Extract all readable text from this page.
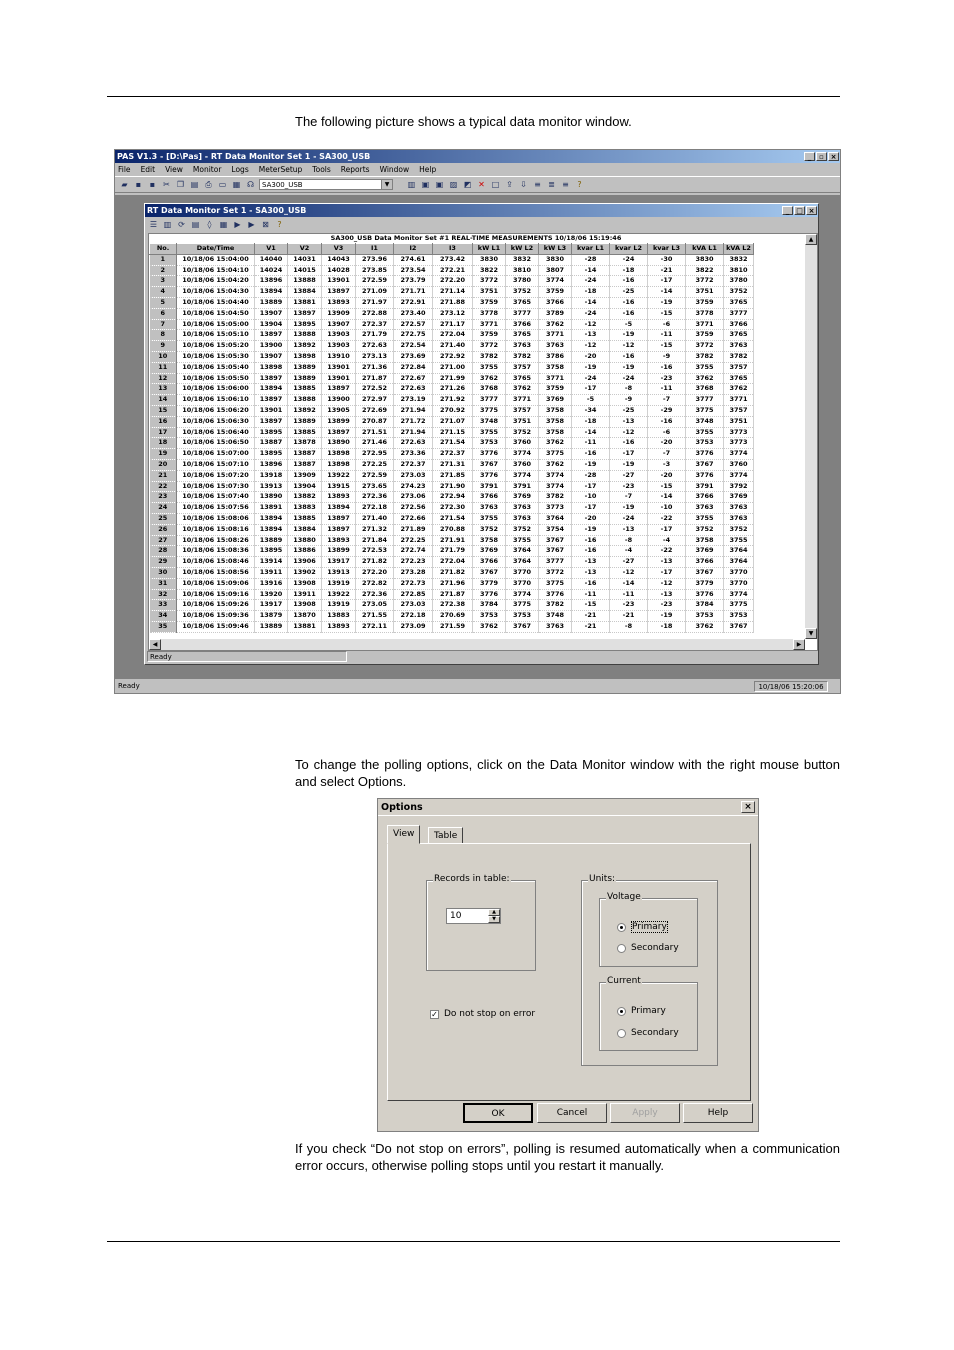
The following picture shows a typical data monitor window.

PAS V1.3 - [D:\Pas] - RT Data Monitor Set 1 - SA300_USB	_	▫ ×
File Edit View Monitor Logs MeterSetup Tools Reports Window Help
▰	▪	▪ ✂ ❐ ▤ ⎙ ▭ ▦ ☊	SA300_USB	▼	▥ ▣ ▣ ▨ ◩ ✕ □ ⇪ ⇩ ≡ ≣ ≡	?
RT Data Monitor Set 1 - SA300_USB	_ □ ×
☰ ▥ ⟳ ▤	◊	▦ ▶ ▶ ⊠	?
SA300_USB Data Monitor Set #1 REAL-TIME MEASUREMENTS 10/18/06 15:19:46
No.	Date/Time	V1	V2	V3	I1	I2	I3	kW L1	kW L2	kW L3	kvar L1	kvar L2	kvar L3	kVA L1	kVA L2
1	10/18/06 15:04:00	14040	14031	14043	273.96	274.61	273.42	3830	3832	3830	-28	-24	-30	3830	3832
2	10/18/06 15:04:10	14024	14015	14028	273.85	273.54	272.21	3822	3810	3807	-14	-18	-21	3822	3810
3	10/18/06 15:04:20	13896	13888	13901	272.59	273.79	272.20	3772	3780	3774	-24	-16	-17	3772	3780
4	10/18/06 15:04:30	13894	13884	13897	271.09	271.71	271.14	3751	3752	3759	-18	-25	-14	3751	3752
5	10/18/06 15:04:40	13889	13881	13893	271.97	272.91	271.88	3759	3765	3766	-14	-16	-19	3759	3765
6	10/18/06 15:04:50	13907	13897	13909	272.88	273.40	273.12	3778	3777	3789	-24	-16	-15	3778	3777
7	10/18/06 15:05:00	13904	13895	13907	272.37	272.57	271.17	3771	3766	3762	-12	-5	-6	3771	3766
8	10/18/06 15:05:10	13897	13888	13903	271.79	272.75	272.04	3759	3765	3771	-13	-19	-11	3759	3765
9	10/18/06 15:05:20	13900	13892	13903	272.63	272.54	271.40	3772	3763	3763	-12	-12	-15	3772	3763
10	10/18/06 15:05:30	13907	13898	13910	273.13	273.69	272.92	3782	3782	3786	-20	-16	-9	3782	3782
11	10/18/06 15:05:40	13898	13889	13901	271.36	272.84	271.00	3755	3757	3758	-19	-19	-16	3755	3757
12	10/18/06 15:05:50	13897	13889	13901	271.87	272.67	271.99	3762	3765	3771	-24	-24	-23	3762	3765
13	10/18/06 15:06:00	13894	13885	13897	272.52	272.63	271.26	3768	3762	3759	-17	-8	-11	3768	3762
14	10/18/06 15:06:10	13897	13888	13900	272.97	273.19	271.92	3777	3771	3769	-5	-9	-7	3777	3771
15	10/18/06 15:06:20	13901	13892	13905	272.69	271.94	270.92	3775	3757	3758	-34	-25	-29	3775	3757
16	10/18/06 15:06:30	13897	13889	13899	270.87	271.72	271.07	3748	3751	3758	-18	-13	-16	3748	3751
17	10/18/06 15:06:40	13895	13885	13897	271.51	271.94	271.15	3755	3752	3758	-14	-12	-6	3755	3773
18	10/18/06 15:06:50	13887	13878	13890	271.46	272.63	271.54	3753	3760	3762	-11	-16	-20	3753	3773
19	10/18/06 15:07:00	13895	13887	13898	272.95	273.36	272.37	3776	3774	3775	-16	-17	-7	3776	3774
20	10/18/06 15:07:10	13896	13887	13898	272.25	272.37	271.31	3767	3760	3762	-19	-19	-3	3767	3760
21	10/18/06 15:07:20	13918	13909	13922	272.59	273.03	271.85	3776	3774	3774	-28	-27	-20	3776	3774
22	10/18/06 15:07:30	13913	13904	13915	273.65	274.23	271.90	3791	3791	3774	-17	-23	-15	3791	3792
23	10/18/06 15:07:40	13890	13882	13893	272.36	273.06	272.94	3766	3769	3782	-10	-7	-14	3766	3769
24	10/18/06 15:07:56	13891	13883	13894	272.18	272.56	272.30	3763	3763	3773	-17	-19	-10	3763	3763
25	10/18/06 15:08:06	13894	13885	13897	271.40	272.66	271.54	3755	3763	3764	-20	-24	-22	3755	3763
26	10/18/06 15:08:16	13894	13884	13897	271.32	271.89	270.88	3752	3752	3754	-19	-13	-17	3752	3752
27	10/18/06 15:08:26	13889	13880	13893	271.84	272.25	271.91	3758	3755	3767	-16	-8	-4	3758	3755
28	10/18/06 15:08:36	13895	13886	13899	272.53	272.74	271.79	3769	3764	3767	-16	-4	-22	3769	3764
29	10/18/06 15:08:46	13914	13906	13917	271.82	272.23	272.04	3766	3764	3777	-13	-27	-13	3766	3764
30	10/18/06 15:08:56	13911	13902	13913	272.20	273.28	271.82	3767	3770	3772	-13	-12	-17	3767	3770
31	10/18/06 15:09:06	13916	13908	13919	272.82	272.73	271.96	3779	3770	3775	-16	-14	-12	3779	3770
32	10/18/06 15:09:16	13920	13911	13922	272.36	272.85	271.87	3776	3774	3776	-11	-11	-13	3776	3774
33	10/18/06 15:09:26	13917	13908	13919	273.05	273.03	272.38	3784	3775	3782	-15	-23	-23	3784	3775
34	10/18/06 15:09:36	13879	13870	13883	271.55	272.18	270.69	3753	3753	3748	-21	-21	-19	3753	3753
35	10/18/06 15:09:46	13889	13881	13893	272.11	273.09	271.59	3762	3767	3763	-21	-8	-18	3762	3767
▲
▼
◀	▶
Ready
Ready	10/18/06 15:20:06

To change the polling options, click on the Data Monitor window with the right mouse button and select Options.

Options	×
View	Table
Records in table:
10	▲
▼
✓ Do not stop on error
Units:
Voltage
Primary
Secondary
Current
Primary
Secondary
OK	Cancel	Apply	Help

If you check “Do not stop on errors”, polling is resumed automatically when a communication error occurs, otherwise polling stops until you restart it manually.
